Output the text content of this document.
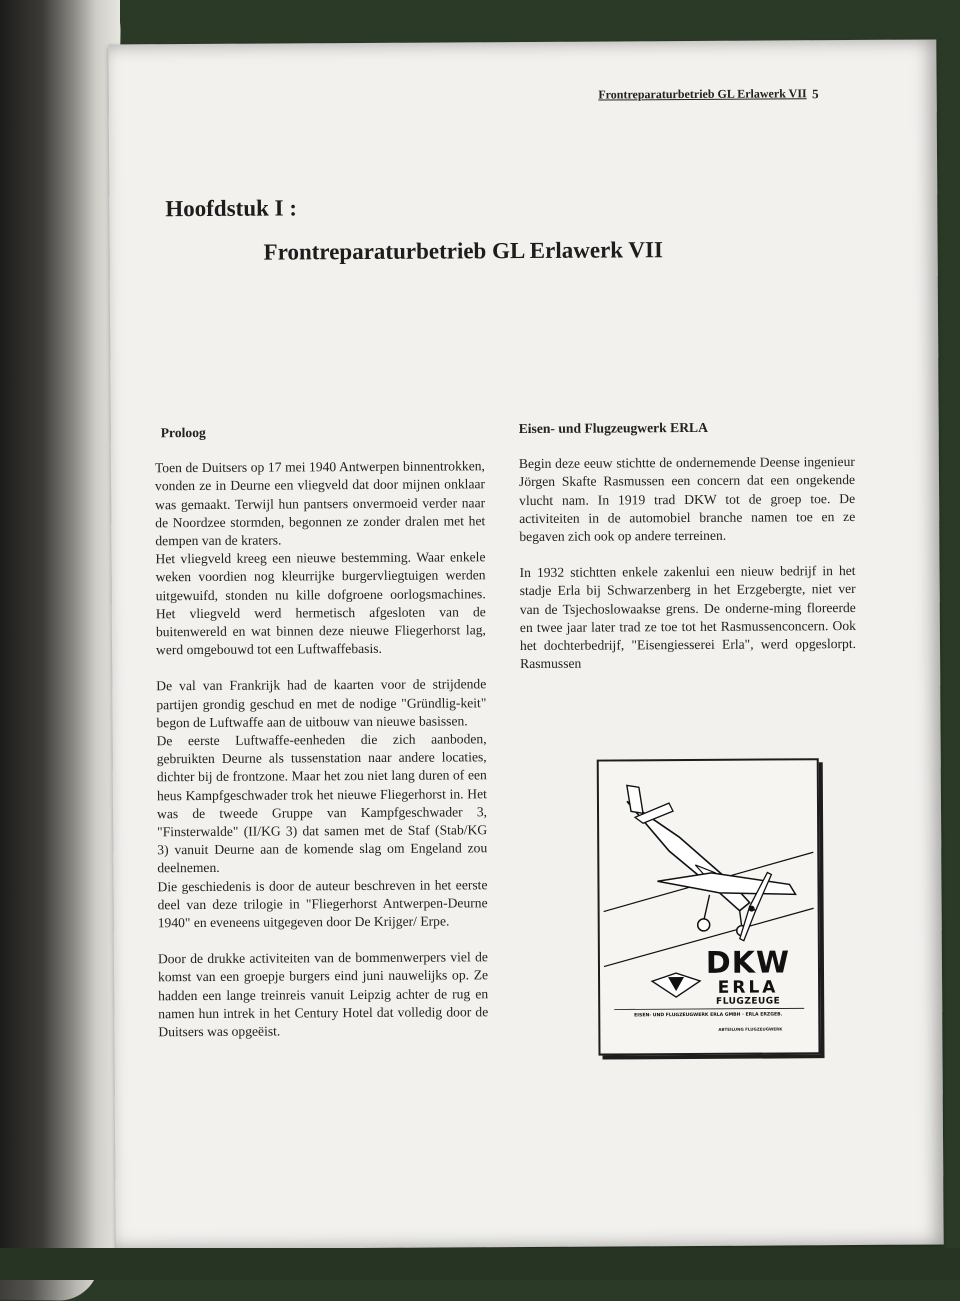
Frontreparaturbetrieb GL Erlawerk VII 5
Hoofdstuk I :
Frontreparaturbetrieb GL Erlawerk VII
Proloog

Toen de Duitsers op 17 mei 1940 Antwerpen binnentrokken, vonden ze in Deurne een vliegveld dat door mijnen onklaar was gemaakt. Terwijl hun pantsers onvermoeid verder naar de Noordzee stormden, begonnen ze zonder dralen met het dempen van de kraters.

Het vliegveld kreeg een nieuwe bestemming. Waar enkele weken voordien nog kleurrijke burgervliegtuigen werden uitgewuifd, stonden nu kille dofgroene oorlogsmachines. Het vliegveld werd hermetisch afgesloten van de buitenwereld en wat binnen deze nieuwe Fliegerhorst lag, werd omgebouwd tot een Luftwaffebasis.

De val van Frankrijk had de kaarten voor de strijdende partijen grondig geschud en met de nodige "Gründlig-keit" begon de Luftwaffe aan de uitbouw van nieuwe basissen.

De eerste Luftwaffe-eenheden die zich aanboden, gebruikten Deurne als tussenstation naar andere locaties, dichter bij de frontzone. Maar het zou niet lang duren of een heus Kampfgeschwader trok het nieuwe Fliegerhorst in. Het was de tweede Gruppe van Kampfgeschwader 3, "Finsterwalde" (II/KG 3) dat samen met de Staf (Stab/KG 3) vanuit Deurne aan de komende slag om Engeland zou deelnemen.

Die geschiedenis is door de auteur beschreven in het eerste deel van deze trilogie in "Fliegerhorst Antwerpen-Deurne 1940" en eveneens uitgegeven door De Krijger/ Erpe.

Door de drukke activiteiten van de bommenwerpers viel de komst van een groepje burgers eind juni nauwelijks op. Ze hadden een lange treinreis vanuit Leipzig achter de rug en namen hun intrek in het Century Hotel dat volledig door de Duitsers was opgeëist.

Eisen- und Flugzeugwerk ERLA

Begin deze eeuw stichtte de ondernemende Deense ingenieur Jörgen Skafte Rasmussen een concern dat een ongekende vlucht nam. In 1919 trad DKW tot de groep toe. De activiteiten in de automobiel branche namen toe en ze begaven zich ook op andere terreinen.

In 1932 stichtten enkele zakenlui een nieuw bedrijf in het stadje Erla bij Schwarzenberg in het Erzgebergte, niet ver van de Tsjechoslowaakse grens. De onderne-ming floreerde en twee jaar later trad ze toe tot het Rasmussenconcern. Ook het dochterbedrijf, "Eisengiesserei Erla", werd opgeslorpt. Rasmussen

DKW
ERLA
FLUGZEUGE
EISEN- UND FLUGZEUGWERK ERLA GMBH · ERLA ERZGEB.
ABTEILUNG FLUGZEUGWERK
